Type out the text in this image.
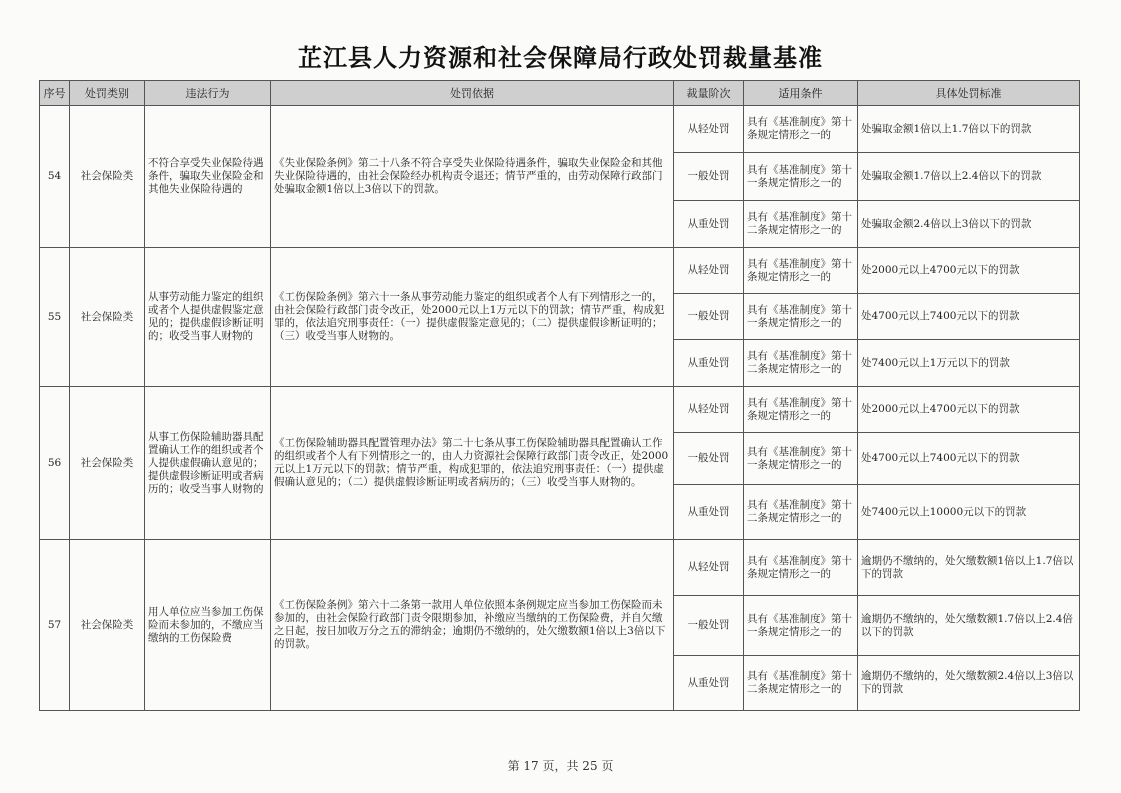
芷江县人力资源和社会保障局行政处罚裁量基准
序号	处罚类别	违法行为	处罚依据	裁量阶次	适用条件	具体处罚标准
54	社会保险类	不符合享受失业保险待遇条件，骗取失业保险金和其他失业保险待遇的	《失业保险条例》第二十八条不符合享受失业保险待遇条件，骗取失业保险金和其他失业保险待遇的，由社会保险经办机构责令退还；情节严重的，由劳动保障行政部门处骗取金额1倍以上3倍以下的罚款。	从轻处罚	具有《基准制度》第十条规定情形之一的	处骗取金额1倍以上1.7倍以下的罚款
				一般处罚	具有《基准制度》第十一条规定情形之一的	处骗取金额1.7倍以上2.4倍以下的罚款
				从重处罚	具有《基准制度》第十二条规定情形之一的	处骗取金额2.4倍以上3倍以下的罚款
55	社会保险类	从事劳动能力鉴定的组织或者个人提供虚假鉴定意见的；提供虚假诊断证明的；收受当事人财物的	《工伤保险条例》第六十一条从事劳动能力鉴定的组织或者个人有下列情形之一的，由社会保险行政部门责令改正，处2000元以上1万元以下的罚款；情节严重，构成犯罪的，依法追究刑事责任：（一）提供虚假鉴定意见的；（二）提供虚假诊断证明的；（三）收受当事人财物的。	从轻处罚	具有《基准制度》第十条规定情形之一的	处2000元以上4700元以下的罚款
				一般处罚	具有《基准制度》第十一条规定情形之一的	处4700元以上7400元以下的罚款
				从重处罚	具有《基准制度》第十二条规定情形之一的	处7400元以上1万元以下的罚款
56	社会保险类	从事工伤保险辅助器具配置确认工作的组织或者个人提供虚假确认意见的；提供虚假诊断证明或者病历的；收受当事人财物的	《工伤保险辅助器具配置管理办法》第二十七条从事工伤保险辅助器具配置确认工作的组织或者个人有下列情形之一的，由人力资源社会保障行政部门责令改正，处2000元以上1万元以下的罚款；情节严重，构成犯罪的，依法追究刑事责任：（一）提供虚假确认意见的；（二）提供虚假诊断证明或者病历的；（三）收受当事人财物的。	从轻处罚	具有《基准制度》第十条规定情形之一的	处2000元以上4700元以下的罚款
				一般处罚	具有《基准制度》第十一条规定情形之一的	处4700元以上7400元以下的罚款
				从重处罚	具有《基准制度》第十二条规定情形之一的	处7400元以上10000元以下的罚款
57	社会保险类	用人单位应当参加工伤保险而未参加的，不缴应当缴纳的工伤保险费	《工伤保险条例》第六十二条第一款用人单位依照本条例规定应当参加工伤保险而未参加的，由社会保险行政部门责令限期参加，补缴应当缴纳的工伤保险费，并自欠缴之日起，按日加收万分之五的滞纳金；逾期仍不缴纳的，处欠缴数额1倍以上3倍以下的罚款。	从轻处罚	具有《基准制度》第十条规定情形之一的	逾期仍不缴纳的，处欠缴数额1倍以上1.7倍以下的罚款
				一般处罚	具有《基准制度》第十一条规定情形之一的	逾期仍不缴纳的，处欠缴数额1.7倍以上2.4倍以下的罚款
				从重处罚	具有《基准制度》第十二条规定情形之一的	逾期仍不缴纳的，处欠缴数额2.4倍以上3倍以下的罚款
第 17 页，共 25 页
